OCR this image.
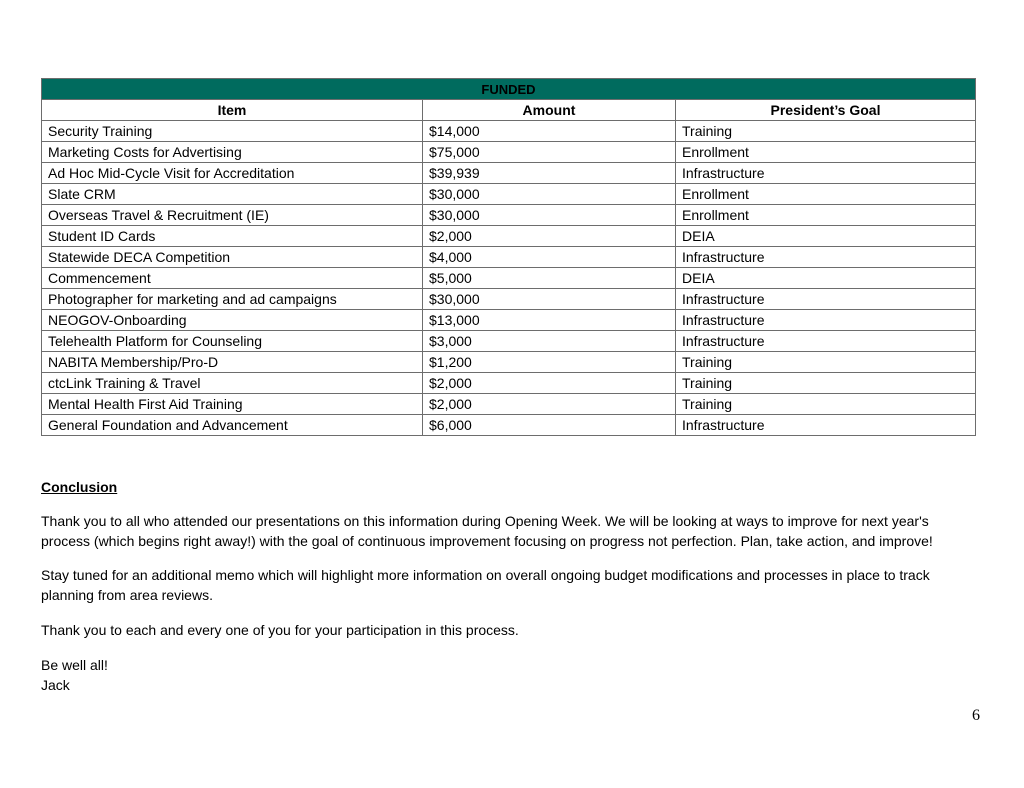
FUNDED		
Item	Amount	President’s Goal
Security Training	$14,000	Training
Marketing Costs for Advertising	$75,000	Enrollment
Ad Hoc Mid-Cycle Visit for Accreditation	$39,939	Infrastructure
Slate CRM	$30,000	Enrollment
Overseas Travel & Recruitment (IE)	$30,000	Enrollment
Student ID Cards	$2,000	DEIA
Statewide DECA Competition	$4,000	Infrastructure
Commencement	$5,000	DEIA
Photographer for marketing and ad campaigns	$30,000	Infrastructure
NEOGOV-Onboarding	$13,000	Infrastructure
Telehealth Platform for Counseling	$3,000	Infrastructure
NABITA Membership/Pro-D	$1,200	Training
ctcLink Training & Travel	$2,000	Training
Mental Health First Aid Training	$2,000	Training
General Foundation and Advancement	$6,000	Infrastructure
Conclusion
Thank you to all who attended our presentations on this information during Opening Week. We will be looking at ways to improve for next year's
process (which begins right away!) with the goal of continuous improvement focusing on progress not perfection. Plan, take action, and improve!
Stay tuned for an additional memo which will highlight more information on overall ongoing budget modifications and processes in place to track
planning from area reviews.
Thank you to each and every one of you for your participation in this process.
Be well all!
Jack
6
